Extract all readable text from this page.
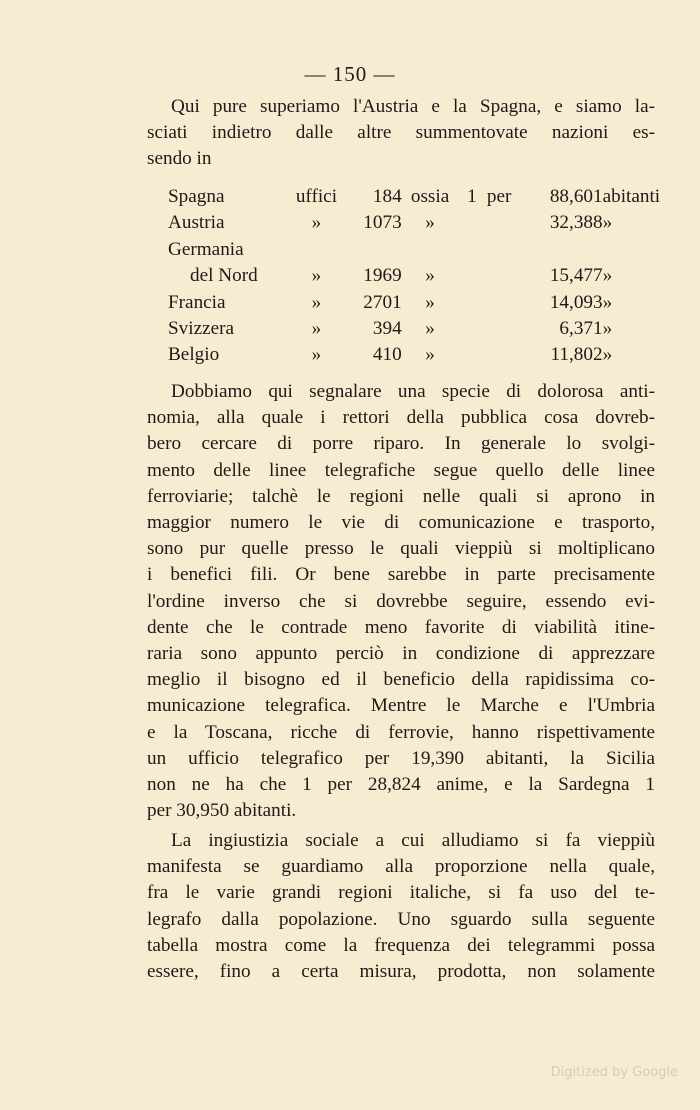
— 150 —
Qui pure superiamo l'Austria e la Spagna, e siamo la-
sciati indietro dalle altre summentovate nazioni es-
sendo in
Spagna	uffici	184	ossia	1	per	88,601	abitanti
Austria	»	1073	»			32,388	»
Germania							
del Nord	»	1969	»			15,477	»
Francia	»	2701	»			14,093	»
Svizzera	»	394	»			6,371	»
Belgio	»	410	»			11,802	»
Dobbiamo qui segnalare una specie di dolorosa anti-
nomia, alla quale i rettori della pubblica cosa dovreb-
bero cercare di porre riparo. In generale lo svolgi-
mento delle linee telegrafiche segue quello delle linee
ferroviarie; talchè le regioni nelle quali si aprono in
maggior numero le vie di comunicazione e trasporto,
sono pur quelle presso le quali vieppiù si moltiplicano
i benefici fili. Or bene sarebbe in parte precisamente
l'ordine inverso che si dovrebbe seguire, essendo evi-
dente che le contrade meno favorite di viabilità itine-
raria sono appunto perciò in condizione di apprezzare
meglio il bisogno ed il beneficio della rapidissima co-
municazione telegrafica. Mentre le Marche e l'Umbria
e la Toscana, ricche di ferrovie, hanno rispettivamente
un ufficio telegrafico per 19,390 abitanti, la Sicilia
non ne ha che 1 per 28,824 anime, e la Sardegna 1
per 30,950 abitanti.
La ingiustizia sociale a cui alludiamo si fa vieppiù
manifesta se guardiamo alla proporzione nella quale,
fra le varie grandi regioni italiche, si fa uso del te-
legrafo dalla popolazione. Uno sguardo sulla seguente
tabella mostra come la frequenza dei telegrammi possa
essere, fino a certa misura, prodotta, non solamente
Digitized by Google
